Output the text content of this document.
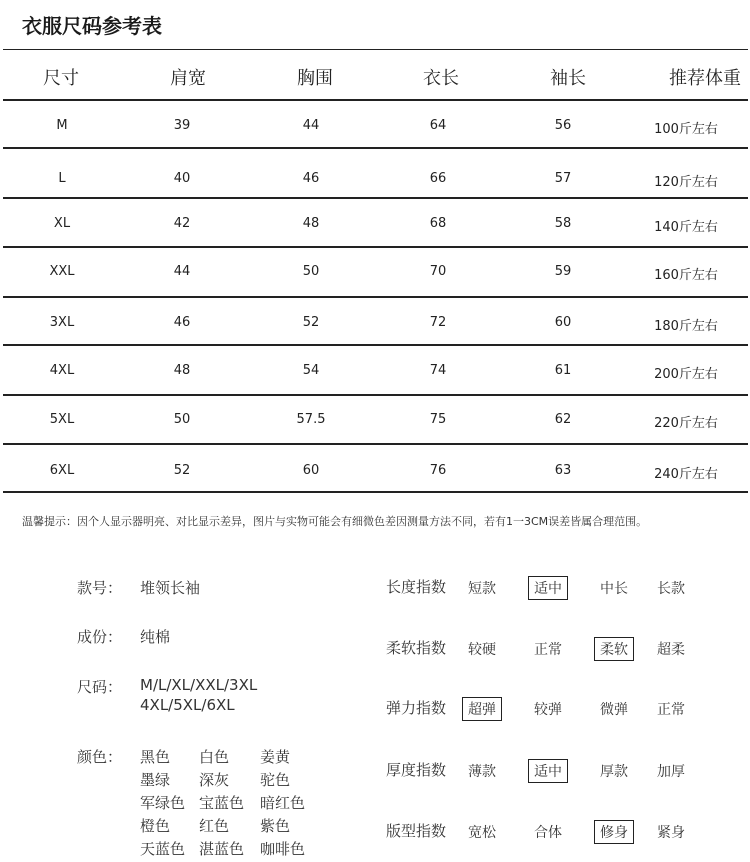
衣服尺码参考表
尺寸	肩宽	胸围	衣长	袖长	推荐体重
M	39	44	64	56	100斤左右
L	40	46	66	57	120斤左右
XL	42	48	68	58	140斤左右
XXL	44	50	70	59	160斤左右
3XL	46	52	72	60	180斤左右
4XL	48	54	74	61	200斤左右
5XL	50	57.5	75	62	220斤左右
6XL	52	60	76	63	240斤左右
温馨提示：因个人显示器明亮、对比显示差异，图片与实物可能会有细微色差因测量方法不同，若有1一3CM误差皆属合理范围。
款号： 堆领长袖
成份： 纯棉
尺码： M/L/XL/XXL/3XL
4XL/5XL/6XL
颜色： 黑色 白色 姜黄
墨绿 深灰 驼色
军绿色 宝蓝色 暗红色
橙色 红色 紫色
天蓝色 湛蓝色 咖啡色
长度指数 短款	适中	中长 长款
柔软指数 较硬	正常	柔软	超柔
弹力指数	超弹	较弹	微弹 正常
厚度指数 薄款	适中	厚款 加厚
版型指数 宽松	合体	修身	紧身
